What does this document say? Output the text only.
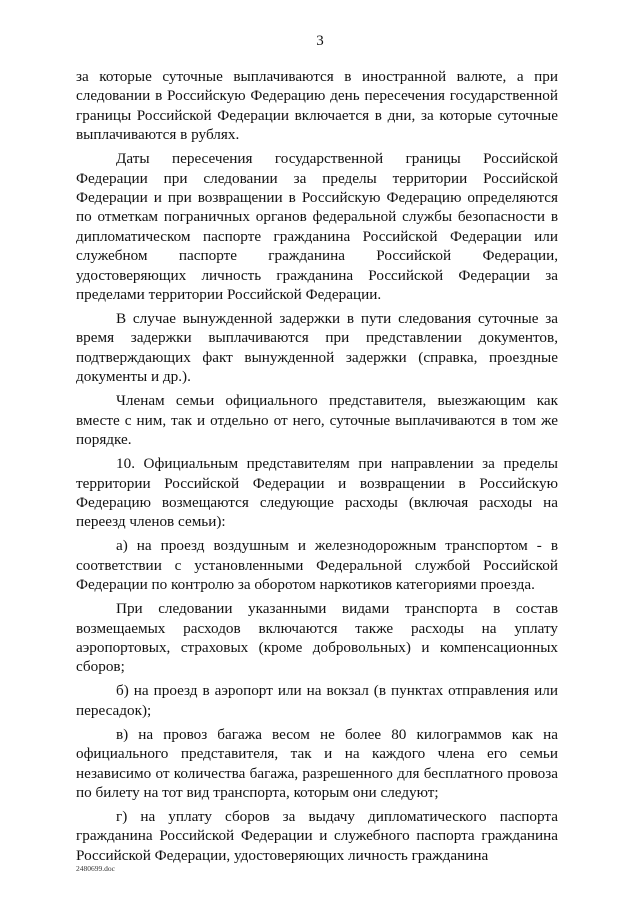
3

за которые суточные выплачиваются в иностранной валюте, а при следовании в Российскую Федерацию день пересечения государственной границы Российской Федерации включается в дни, за которые суточные выплачиваются в рублях.

Даты пересечения государственной границы Российской Федерации при следовании за пределы территории Российской Федерации и при возвращении в Российскую Федерацию определяются по отметкам пограничных органов федеральной службы безопасности в дипломатическом паспорте гражданина Российской Федерации или служебном паспорте гражданина Российской Федерации, удостоверяющих личность гражданина Российской Федерации за пределами территории Российской Федерации.

В случае вынужденной задержки в пути следования суточные за время задержки выплачиваются при представлении документов, подтверждающих факт вынужденной задержки (справка, проездные документы и др.).

Членам семьи официального представителя, выезжающим как вместе с ним, так и отдельно от него, суточные выплачиваются в том же порядке.

10. Официальным представителям при направлении за пределы территории Российской Федерации и возвращении в Российскую Федерацию возмещаются следующие расходы (включая расходы на переезд членов семьи):

а) на проезд воздушным и железнодорожным транспортом - в соответствии с установленными Федеральной службой Российской Федерации по контролю за оборотом наркотиков категориями проезда.

При следовании указанными видами транспорта в состав возмещаемых расходов включаются также расходы на уплату аэропортовых, страховых (кроме добровольных) и компенсационных сборов;

б) на проезд в аэропорт или на вокзал (в пунктах отправления или пересадок);

в) на провоз багажа весом не более 80 килограммов как на официального представителя, так и на каждого члена его семьи независимо от количества багажа, разрешенного для бесплатного провоза по билету на тот вид транспорта, которым они следуют;

г) на уплату сборов за выдачу дипломатического паспорта гражданина Российской Федерации и служебного паспорта гражданина Российской Федерации, удостоверяющих личность гражданина

2480699.doc
